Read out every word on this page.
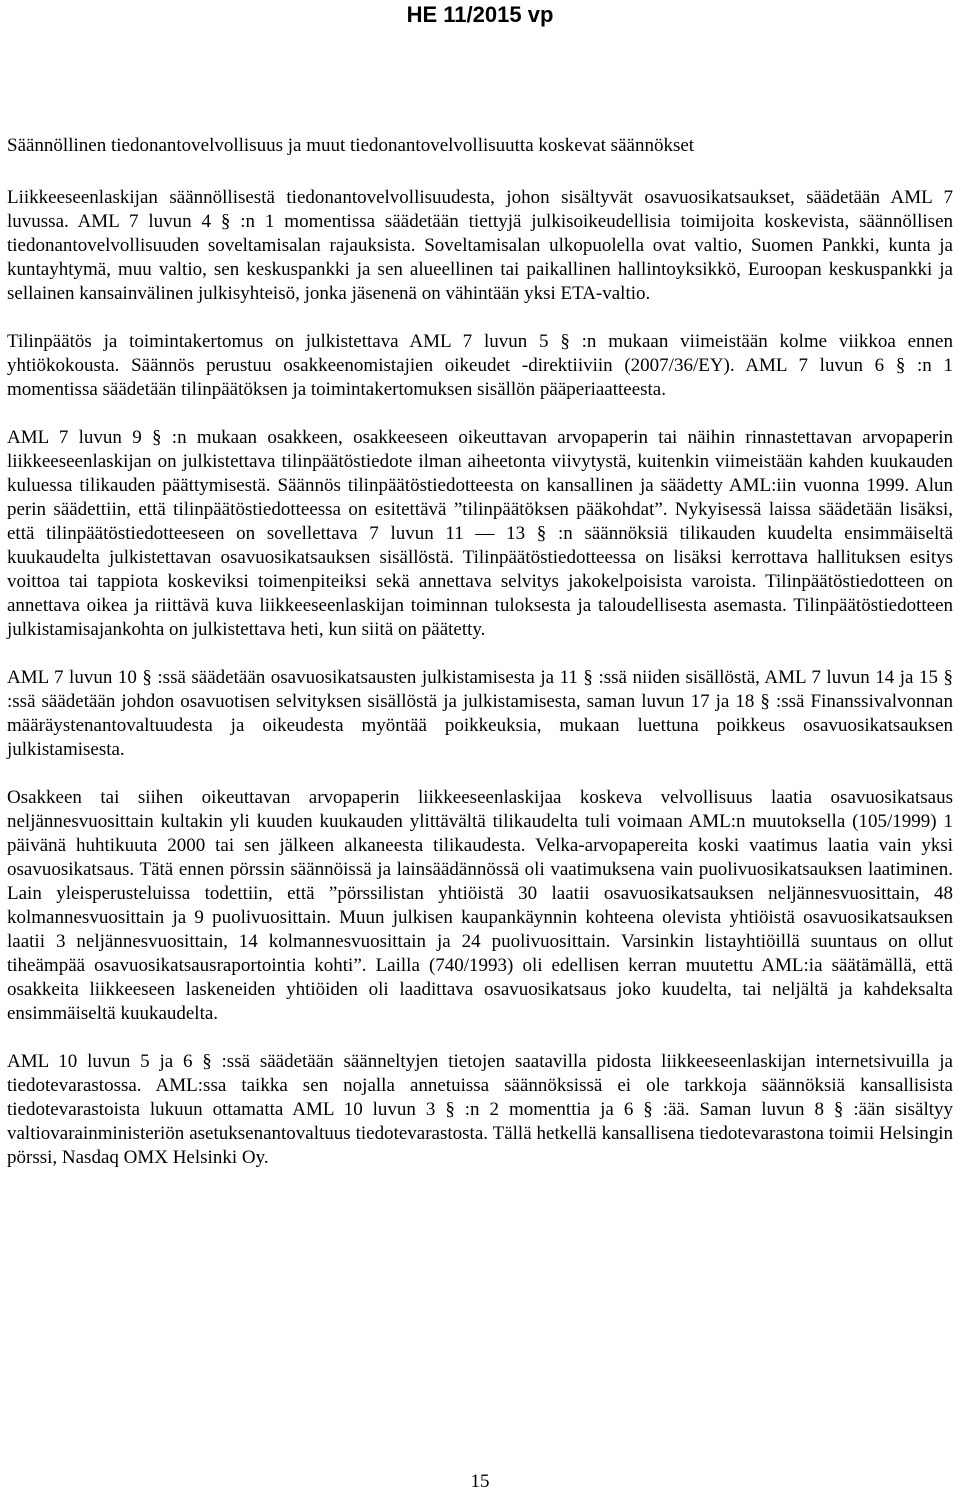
HE 11/2015 vp
Säännöllinen tiedonantovelvollisuus ja muut tiedonantovelvollisuutta koskevat säännökset

Liikkeeseenlaskijan säännöllisestä tiedonantovelvollisuudesta, johon sisältyvät osavuosikatsaukset, säädetään AML 7 luvussa. AML 7 luvun 4 § :n 1 momentissa säädetään tiettyjä julkisoikeudellisia toimijoita koskevista, säännöllisen tiedonantovelvollisuuden soveltamisalan rajauksista. Soveltamisalan ulkopuolella ovat valtio, Suomen Pankki, kunta ja kuntayhtymä, muu valtio, sen keskuspankki ja sen alueellinen tai paikallinen hallintoyksikkö, Euroopan keskuspankki ja sellainen kansainvälinen julkisyhteisö, jonka jäsenenä on vähintään yksi ETA-valtio.

Tilinpäätös ja toimintakertomus on julkistettava AML 7 luvun 5 § :n mukaan viimeistään kolme viikkoa ennen yhtiökokousta. Säännös perustuu osakkeenomistajien oikeudet -direktiiviin (2007/36/EY). AML 7 luvun 6 § :n 1 momentissa säädetään tilinpäätöksen ja toimintakertomuksen sisällön pääperiaatteesta.

AML 7 luvun 9 § :n mukaan osakkeen, osakkeeseen oikeuttavan arvopaperin tai näihin rinnastettavan arvopaperin liikkeeseenlaskijan on julkistettava tilinpäätöstiedote ilman aiheetonta viivytystä, kuitenkin viimeistään kahden kuukauden kuluessa tilikauden päättymisestä. Säännös tilinpäätöstiedotteesta on kansallinen ja säädetty AML:iin vuonna 1999. Alun perin säädettiin, että tilinpäätöstiedotteessa on esitettävä ”tilinpäätöksen pääkohdat”. Nykyisessä laissa säädetään lisäksi, että tilinpäätöstiedotteeseen on sovellettava 7 luvun 11 — 13 § :n säännöksiä tilikauden kuudelta ensimmäiseltä kuukaudelta julkistettavan osavuosikatsauksen sisällöstä. Tilinpäätöstiedotteessa on lisäksi kerrottava hallituksen esitys voittoa tai tappiota koskeviksi toimenpiteiksi sekä annettava selvitys jakokelpoisista varoista. Tilinpäätöstiedotteen on annettava oikea ja riittävä kuva liikkeeseenlaskijan toiminnan tuloksesta ja taloudellisesta asemasta. Tilinpäätöstiedotteen julkistamisajankohta on julkistettava heti, kun siitä on päätetty.

AML 7 luvun 10 § :ssä säädetään osavuosikatsausten julkistamisesta ja 11 § :ssä niiden sisällöstä, AML 7 luvun 14 ja 15 § :ssä säädetään johdon osavuotisen selvityksen sisällöstä ja julkistamisesta, saman luvun 17 ja 18 § :ssä Finanssivalvonnan määräystenantovaltuudesta ja oikeudesta myöntää poikkeuksia, mukaan luettuna poikkeus osavuosikatsauksen julkistamisesta.

Osakkeen tai siihen oikeuttavan arvopaperin liikkeeseenlaskijaa koskeva velvollisuus laatia osavuosikatsaus neljännesvuosittain kultakin yli kuuden kuukauden ylittävältä tilikaudelta tuli voimaan AML:n muutoksella (105/1999) 1 päivänä huhtikuuta 2000 tai sen jälkeen alkaneesta tilikaudesta. Velka-arvopapereita koski vaatimus laatia vain yksi osavuosikatsaus. Tätä ennen pörssin säännöissä ja lainsäädännössä oli vaatimuksena vain puolivuosikatsauksen laatiminen. Lain yleisperusteluissa todettiin, että ”pörssilistan yhtiöistä 30 laatii osavuosikatsauksen neljännesvuosittain, 48 kolmannesvuosittain ja 9 puolivuosittain. Muun julkisen kaupankäynnin kohteena olevista yhtiöistä osavuosikatsauksen laatii 3 neljännesvuosittain, 14 kolmannesvuosittain ja 24 puolivuosittain. Varsinkin listayhtiöillä suuntaus on ollut tiheämpää osavuosikatsausraportointia kohti”. Lailla (740/1993) oli edellisen kerran muutettu AML:ia säätämällä, että osakkeita liikkeeseen laskeneiden yhtiöiden oli laadittava osavuosikatsaus joko kuudelta, tai neljältä ja kahdeksalta ensimmäiseltä kuukaudelta.

AML 10 luvun 5 ja 6 § :ssä säädetään säänneltyjen tietojen saatavilla pidosta liikkeeseenlaskijan internetsivuilla ja tiedotevarastossa. AML:ssa taikka sen nojalla annetuissa säännöksissä ei ole tarkkoja säännöksiä kansallisista tiedotevarastoista lukuun ottamatta AML 10 luvun 3 § :n 2 momenttia ja 6 § :ää. Saman luvun 8 § :ään sisältyy valtiovarainministeriön asetuksenantovaltuus tiedotevarastosta. Tällä hetkellä kansallisena tiedotevarastona toimii Helsingin pörssi, Nasdaq OMX Helsinki Oy.

15
